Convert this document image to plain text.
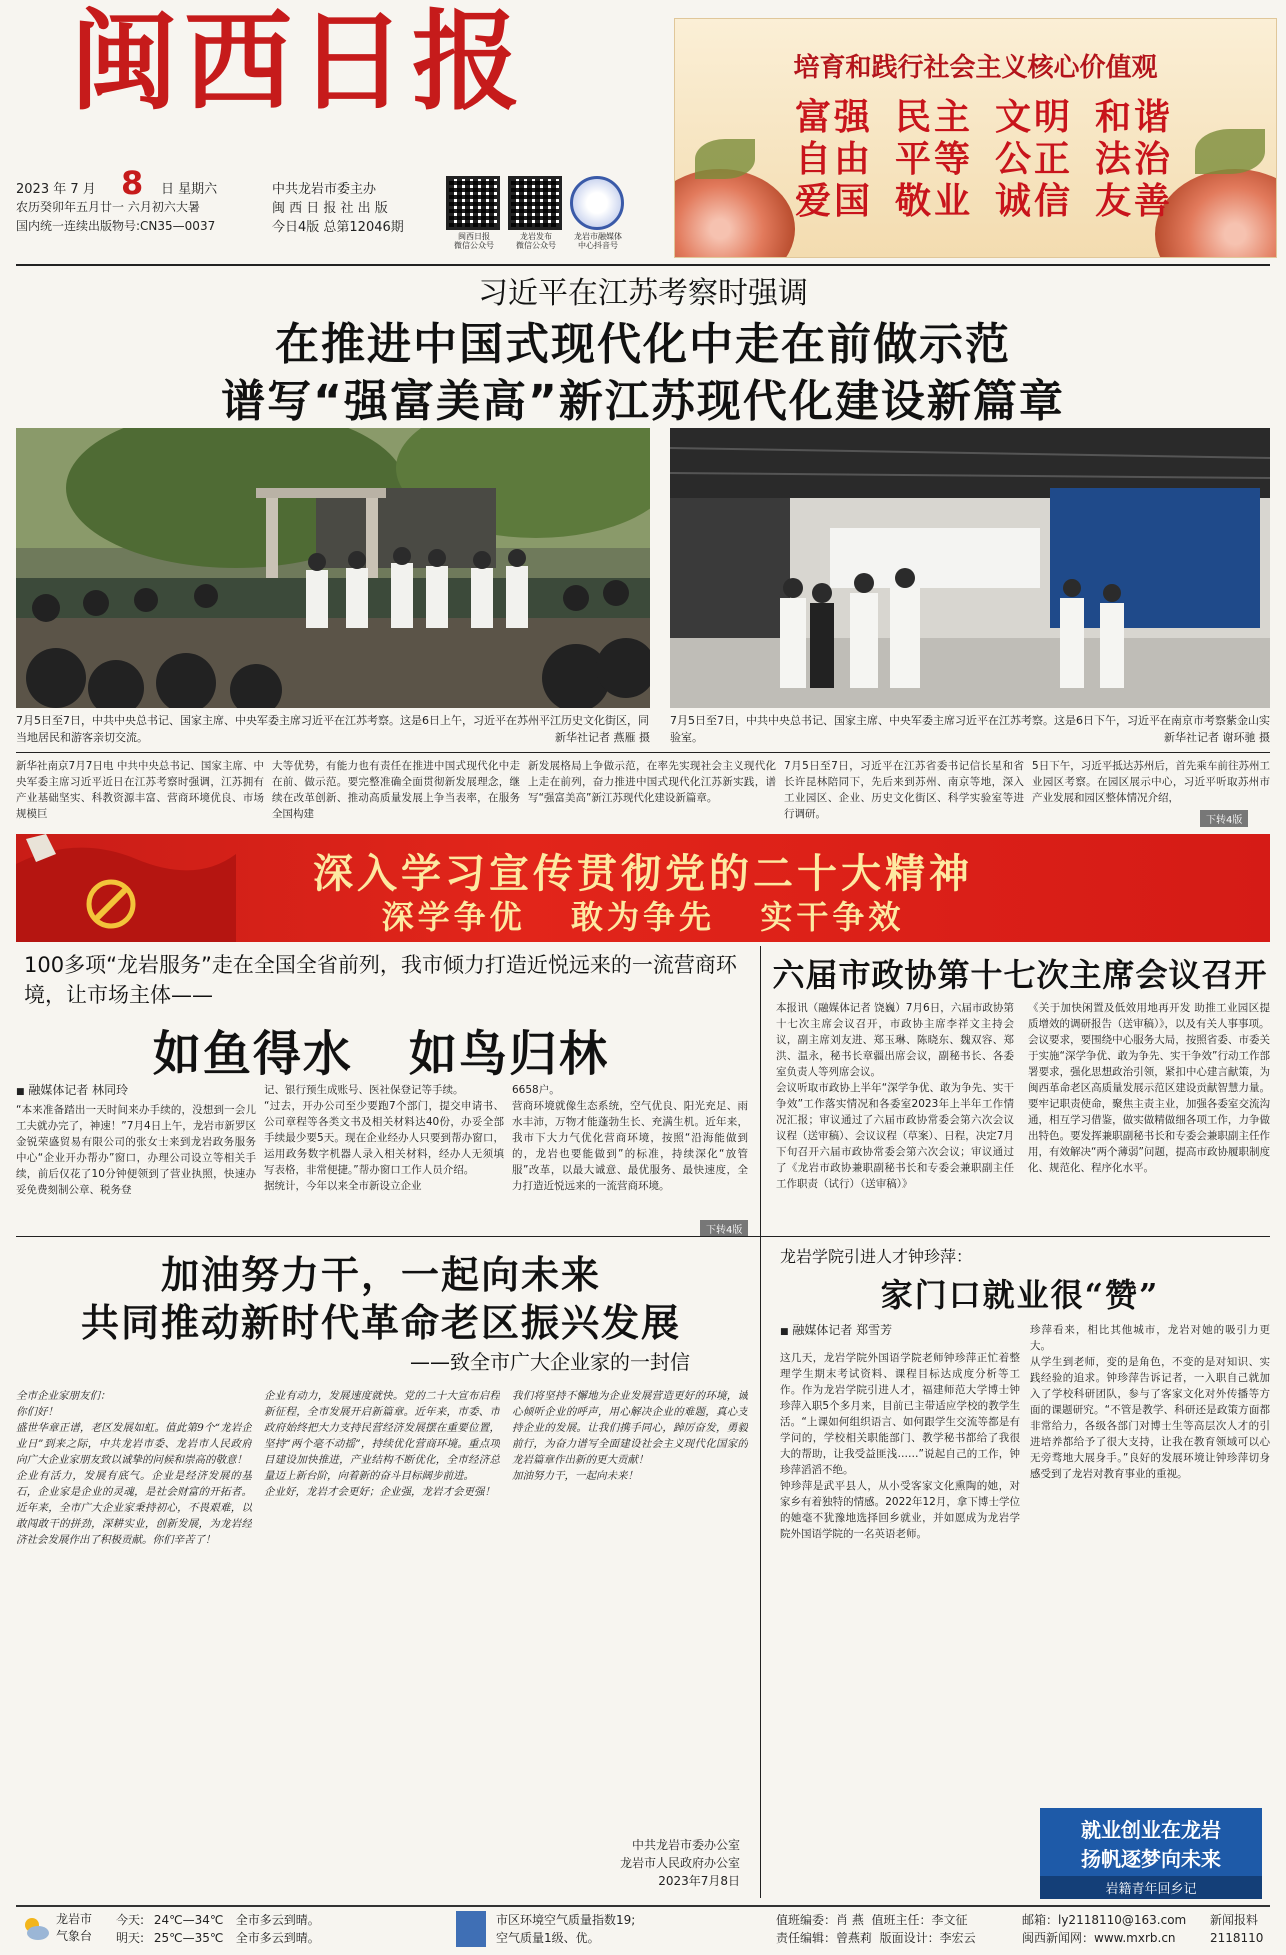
闽西日报
2023 年 7 月 8 日 星期六
农历癸卯年五月廿一 六月初六大暑
国内统一连续出版物号:CN35—0037
中共龙岩市委主办
闽 西 日 报 社 出 版
今日4版 总第12046期
闽西日报
微信公众号
龙岩发布
微信公众号
龙岩市融媒体
中心抖音号
培育和践行社会主义核心价值观
富强 民主 文明 和谐
自由 平等 公正 法治
爱国 敬业 诚信 友善
习近平在江苏考察时强调
在推进中国式现代化中走在前做示范
谱写“强富美高”新江苏现代化建设新篇章
7月5日至7日，中共中央总书记、国家主席、中央军委主席习近平在江苏考察。这是6日上午，习近平在苏州平江历史文化街区，同当地居民和游客亲切交流。	新华社记者 燕雁 摄
7月5日至7日，中共中央总书记、国家主席、中央军委主席习近平在江苏考察。这是6日下午，习近平在南京市考察紫金山实验室。	新华社记者 谢环驰 摄
新华社南京7月7日电 中共中央总书记、国家主席、中央军委主席习近平近日在江苏考察时强调，江苏拥有产业基础坚实、科教资源丰富、营商环境优良、市场规模巨
大等优势，有能力也有责任在推进中国式现代化中走在前、做示范。要完整准确全面贯彻新发展理念，继续在改革创新、推动高质量发展上争当表率，在服务全国构建
新发展格局上争做示范，在率先实现社会主义现代化上走在前列，奋力推进中国式现代化江苏新实践，谱写“强富美高”新江苏现代化建设新篇章。
7月5日至7日，习近平在江苏省委书记信长星和省长许昆林陪同下，先后来到苏州、南京等地，深入工业园区、企业、历史文化街区、科学实验室等进行调研。
5日下午，习近平抵达苏州后，首先乘车前往苏州工业园区考察。在园区展示中心，习近平听取苏州市产业发展和园区整体情况介绍，
下转4版
深入学习宣传贯彻党的二十大精神
深学争优   敢为争先   实干争效
100多项“龙岩服务”走在全国全省前列，我市倾力打造近悦远来的一流营商环境，让市场主体——
如鱼得水   如鸟归林
■ 融媒体记者 林同玲
“本来准备踏出一天时间来办手续的，没想到一会儿工夫就办完了，神速！”7月4日上午，龙岩市新罗区金锐荣盛贸易有限公司的张女士来到龙岩政务服务中心“企业开办帮办”窗口，办理公司设立等相关手续，前后仅花了10分钟便领到了营业执照，快速办妥免费刻制公章、税务登
记、银行预生成账号、医社保登记等手续。
“过去，开办公司至少要跑7个部门，提交申请书、公司章程等各类文书及相关材料达40份，办妥全部手续最少要5天。现在企业经办人只要到帮办窗口，运用政务数字机器人录入相关材料，经办人无须填写表格，非常便捷。”帮办窗口工作人员介绍。
据统计，今年以来全市新设立企业
6658户。
营商环境就像生态系统，空气优良、阳光充足、雨水丰沛，万物才能蓬勃生长、充满生机。近年来，我市下大力气优化营商环境，按照“沿海能做到的，龙岩也要能做到”的标准，持续深化“放管服”改革，以最大诚意、最优服务、最快速度，全力打造近悦远来的一流营商环境。
下转4版
六届市政协第十七次主席会议召开
本报讯（融媒体记者 饶巍）7月6日，六届市政协第十七次主席会议召开，市政协主席李祥文主持会议，副主席刘友进、郑玉琳、陈晓东、魏双容、郑洪、温永，秘书长章疆出席会议，副秘书长、各委室负责人等列席会议。
会议听取市政协上半年“深学争优、敢为争先、实干争效”工作落实情况和各委室2023年上半年工作情况汇报；审议通过了六届市政协常委会第六次会议议程（送审稿）、会议议程（草案）、日程，决定7月下旬召开六届市政协常委会第六次会议；审议通过了《龙岩市政协兼职副秘书长和专委会兼职副主任工作职责（试行）（送审稿）》
《关于加快闲置及低效用地再开发 助推工业园区提质增效的调研报告（送审稿）》，以及有关人事事项。
会议要求，要围绕中心服务大局，按照省委、市委关于实施“深学争优、敢为争先、实干争效”行动工作部署要求，强化思想政治引领，紧扣中心建言献策，为闽西革命老区高质量发展示范区建设贡献智慧力量。要牢记职责使命，聚焦主责主业，加强各委室交流沟通，相互学习借鉴，做实做精做细各项工作，力争做出特色。要发挥兼职副秘书长和专委会兼职副主任作用，有效解决“两个薄弱”问题，提高市政协履职制度化、规范化、程序化水平。
加油努力干，一起向未来
共同推动新时代革命老区振兴发展
——致全市广大企业家的一封信
全市企业家朋友们：
你们好！
盛世华章正谱，老区发展如虹。值此第9个“龙岩企业日”到来之际，中共龙岩市委、龙岩市人民政府向广大企业家朋友致以诚挚的问候和崇高的敬意！
企业有活力，发展有底气。企业是经济发展的基石，企业家是企业的灵魂，是社会财富的开拓者。近年来，全市广大企业家秉持初心，不畏艰难，以敢闯敢干的拼劲，深耕实业，创新发展，为龙岩经济社会发展作出了积极贡献。你们辛苦了！
企业有动力，发展速度就快。党的二十大宣布启程新征程，全市发展开启新篇章。近年来，市委、市政府始终把大力支持民营经济发展摆在重要位置，坚持“两个毫不动摇”，持续优化营商环境。重点项目建设加快推进，产业结构不断优化，全市经济总量迈上新台阶，向着新的奋斗目标阔步前进。
企业好，龙岩才会更好；企业强，龙岩才会更强！
我们将坚持不懈地为企业发展营造更好的环境，诚心倾听企业的呼声，用心解决企业的难题，真心支持企业的发展。让我们携手同心，踔厉奋发，勇毅前行，为奋力谱写全面建设社会主义现代化国家的龙岩篇章作出新的更大贡献！
加油努力干，一起向未来！
中共龙岩市委办公室
龙岩市人民政府办公室
2023年7月8日
龙岩学院引进人才钟珍萍：
家门口就业很“赞”
■ 融媒体记者 郑雪芳
这几天，龙岩学院外国语学院老师钟珍萍正忙着整理学生期末考试资料、课程目标达成度分析等工作。作为龙岩学院引进人才，福建师范大学博士钟珍萍入职5个多月来，目前已主带适应学校的教学生活。“上课如何组织语言、如何跟学生交流等都是有学问的，学校相关职能部门、教学秘书都给了我很大的帮助，让我受益匪浅……”说起自己的工作，钟珍萍滔滔不绝。
钟珍萍是武平县人，从小受客家文化熏陶的她，对家乡有着独特的情感。2022年12月，拿下博士学位的她毫不犹豫地选择回乡就业，并如愿成为龙岩学院外国语学院的一名英语老师。
珍萍看来，相比其他城市，龙岩对她的吸引力更大。
从学生到老师，变的是角色，不变的是对知识、实践经验的追求。钟珍萍告诉记者，一入职自己就加入了学校科研团队，参与了客家文化对外传播等方面的课题研究。“不管是教学、科研还是政策方面都非常给力，各级各部门对博士生等高层次人才的引进培养都给予了很大支持，让我在教育领域可以心无旁骛地大展身手。”良好的发展环境让钟珍萍切身感受到了龙岩对教育事业的重视。
就业创业在龙岩
扬帆逐梦向未来
岩籍青年回乡记
龙岩市
气象台
今天: 24℃—34℃ 全市多云到晴。
明天: 25℃—35℃ 全市多云到晴。
市区环境空气质量指数19;
空气质量1级、优。
值班编委：肖 燕 值班主任：李文征
责任编辑：曾燕莉 版面设计：李宏云
邮箱：ly2118110@163.com
闽西新闻网：www.mxrb.cn
新闻报料
2118110
